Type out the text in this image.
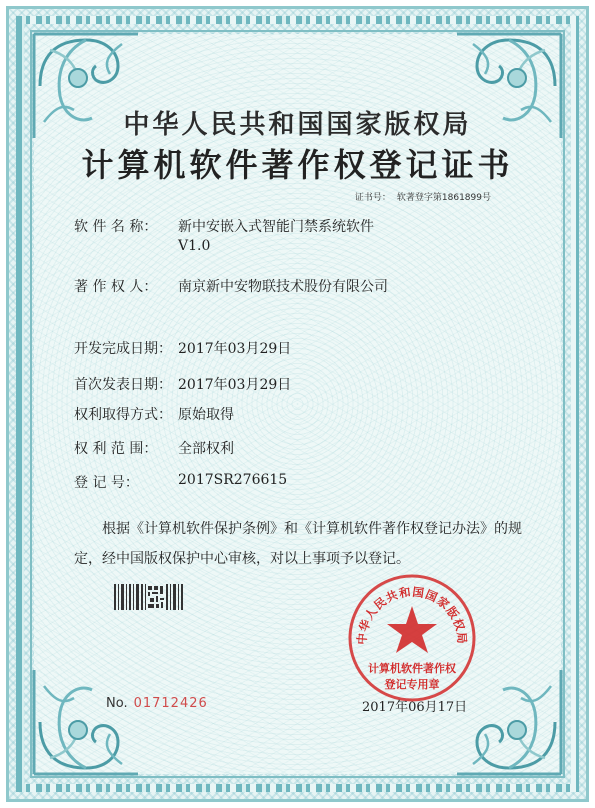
中华人民共和国国家版权局
计算机软件著作权登记证书
证书号： 软著登字第1861899号
软 件 名 称： 新中安嵌入式智能门禁系统软件
V1.0
著 作 权 人： 南京新中安物联技术股份有限公司
开发完成日期： 2017年03月29日
首次发表日期： 2017年03月29日
权利取得方式： 原始取得
权 利 范 围： 全部权利
登 记 号：	2017SR276615
根据《计算机软件保护条例》和《计算机软件著作权登记办法》的规定，经中国版权保护中心审核，对以上事项予以登记。
中华人民共和国国家版权局
计算机软件著作权
登记专用章
No. 01712426	2017年06月17日
